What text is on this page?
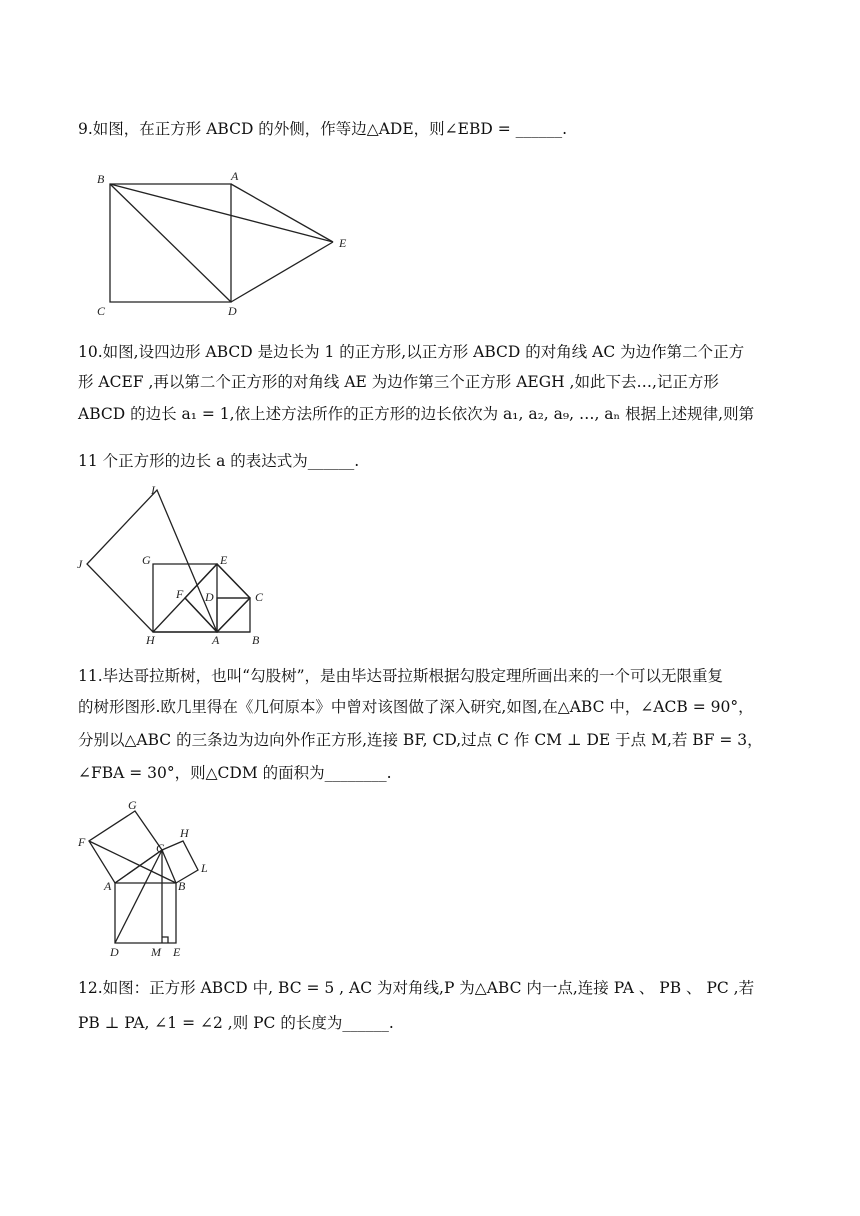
9.如图，在正方形 ABCD 的外侧，作等边△ADE，则∠EBD = ______.
B	A
E
C	D
10.如图,设四边形 ABCD 是边长为 1 的正方形,以正方形 ABCD 的对角线 AC 为边作第二个正方
形 ACEF ,再以第二个正方形的对角线 AE 为边作第三个正方形 AEGH ,如此下去…,记正方形
ABCD 的边长 a₁ = 1,依上述方法所作的正方形的边长依次为 a₁, a₂, a₉, …, aₙ 根据上述规律,则第
11 个正方形的边长 a 的表达式为______.
I
J	G	E
F D	C
H	A	B
11.毕达哥拉斯树，也叫“勾股树”，是由毕达哥拉斯根据勾股定理所画出来的一个可以无限重复
的树形图形.欧几里得在《几何原本》中曾对该图做了深入研究,如图,在△ABC 中，∠ACB = 90°，
分别以△ABC 的三条边为边向外作正方形,连接 BF, CD,过点 C 作 CM ⊥ DE 于点 M,若 BF = 3，
∠FBA = 30°，则△CDM 的面积为________.
G
H
F	C
L
A	B
D	M E
12.如图：正方形 ABCD 中, BC = 5 , AC 为对角线,P 为△ABC 内一点,连接 PA 、 PB 、 PC ,若
PB ⊥ PA, ∠1 = ∠2 ,则 PC 的长度为______.
